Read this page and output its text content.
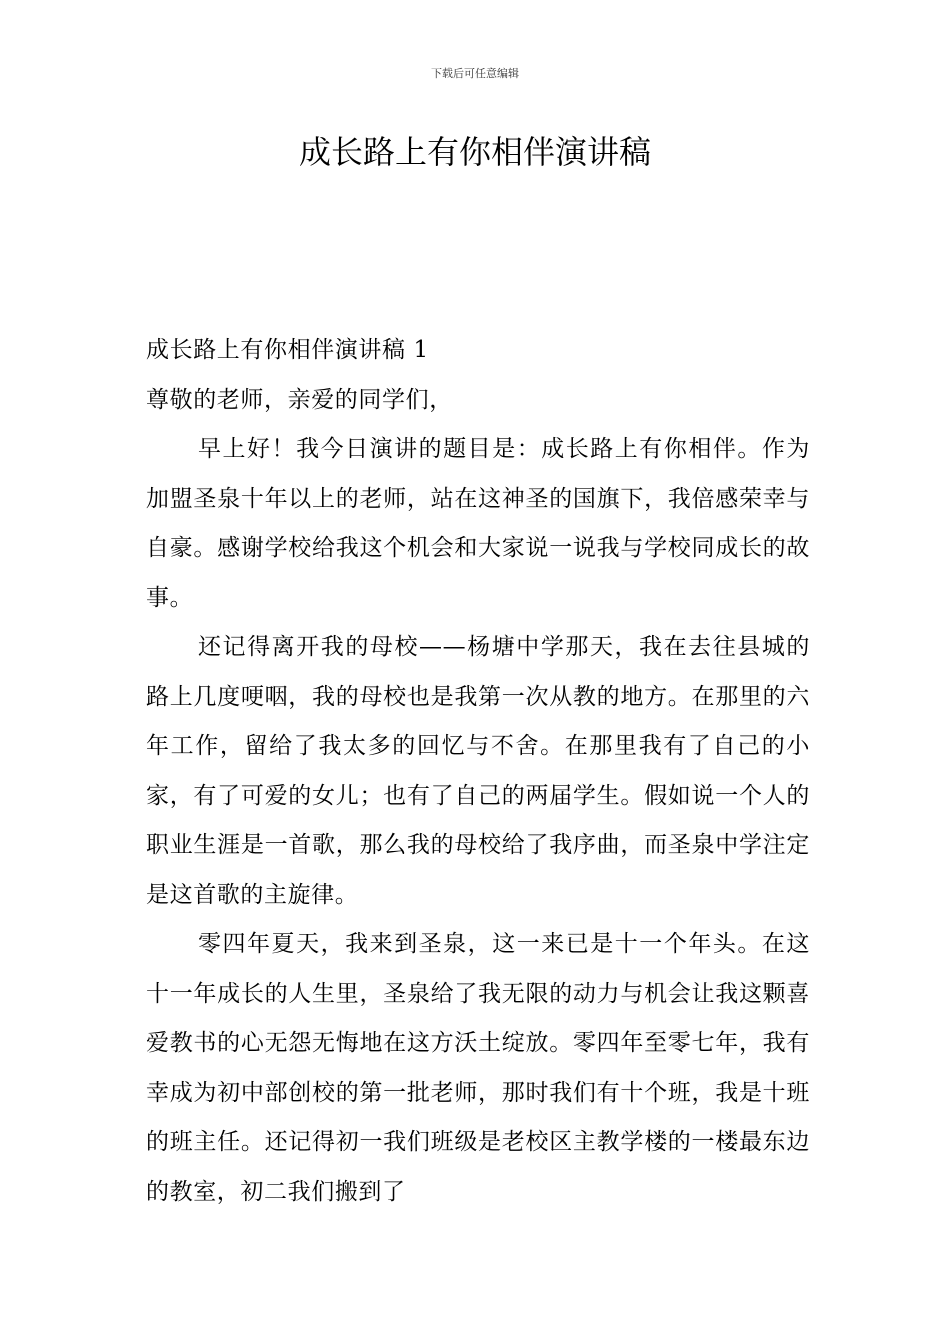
下载后可任意编辑
成长路上有你相伴演讲稿

成长路上有你相伴演讲稿 1

尊敬的老师，亲爱的同学们，

早上好！我今日演讲的题目是：成长路上有你相伴。作为加盟圣泉十年以上的老师，站在这神圣的国旗下，我倍感荣幸与自豪。感谢学校给我这个机会和大家说一说我与学校同成长的故事。

还记得离开我的母校——杨塘中学那天，我在去往县城的路上几度哽咽，我的母校也是我第一次从教的地方。在那里的六年工作，留给了我太多的回忆与不舍。在那里我有了自己的小家，有了可爱的女儿；也有了自己的两届学生。假如说一个人的职业生涯是一首歌，那么我的母校给了我序曲，而圣泉中学注定是这首歌的主旋律。

零四年夏天，我来到圣泉，这一来已是十一个年头。在这十一年成长的人生里，圣泉给了我无限的动力与机会让我这颗喜爱教书的心无怨无悔地在这方沃土绽放。零四年至零七年，我有幸成为初中部创校的第一批老师，那时我们有十个班，我是十班的班主任。还记得初一我们班级是老校区主教学楼的一楼最东边的教室，初二我们搬到了
